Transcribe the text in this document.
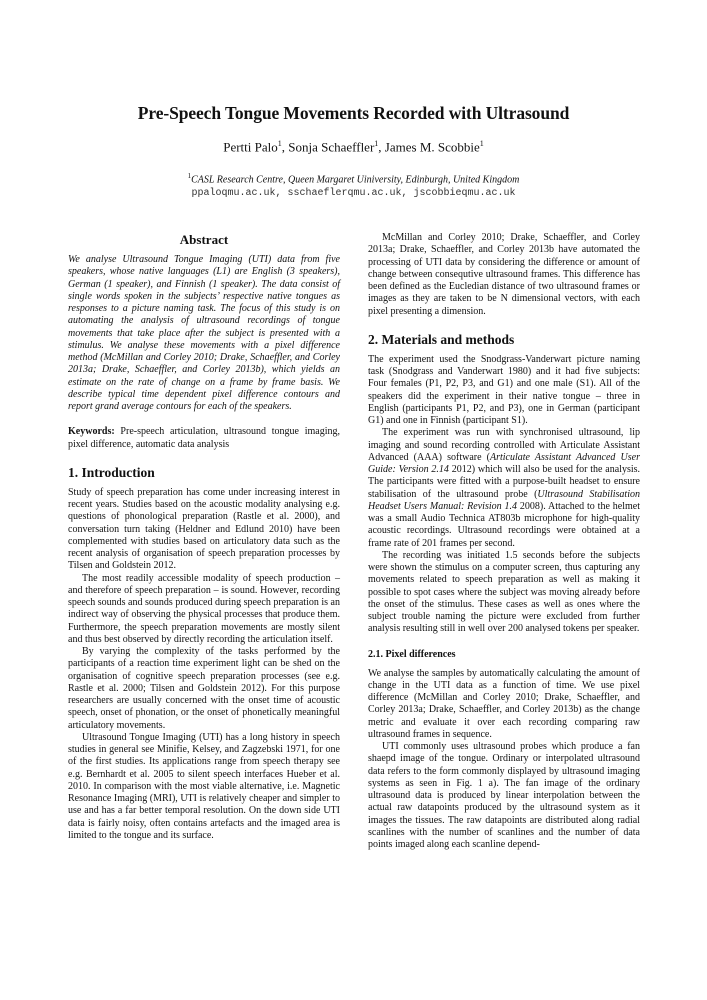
Pre-Speech Tongue Movements Recorded with Ultrasound
Pertti Palo$^1$, Sonja Schaeffler$^1$, James M. Scobbie$^1$
$^1$CASL Research Centre, Queen Margaret Uiniversity, Edinburgh, United Kingdom
ppaloqmu.ac.uk, sschaeflerqmu.ac.uk, jscobbieqmu.ac.uk
Abstract

We analyse Ultrasound Tongue Imaging (UTI) data from five speakers, whose native languages (L1) are English (3 speakers), German (1 speaker), and Finnish (1 speaker). The data consist of single words spoken in the subjects’ respective native tongues as responses to a picture naming task. The focus of this study is on automating the analysis of ultrasound recordings of tongue movements that take place after the subject is presented with a stimulus. We analyse these movements with a pixel difference method (McMillan and Corley 2010; Drake, Schaeffler, and Corley 2013a; Drake, Schaeffler, and Corley 2013b), which yields an estimate on the rate of change on a frame by frame basis. We describe typical time dependent pixel difference contours and report grand average contours for each of the speakers.

Keywords: Pre-speech articulation, ultrasound tongue imaging, pixel difference, automatic data analysis

1. Introduction

Study of speech preparation has come under increasing interest in recent years. Studies based on the acoustic modality analysing e.g. questions of phonological preparation (Rastle et al. 2000), and conversation turn taking (Heldner and Edlund 2010) have been complemented with studies based on articulatory data such as the recent analysis of organisation of speech preparation processes by Tilsen and Goldstein 2012.

The most readily accessible modality of speech production – and therefore of speech preparation – is sound. However, recording speech sounds and sounds produced during speech preparation is an indirect way of observing the physical processes that produce them. Furthermore, the speech preparation movements are mostly silent and thus best observed by directly recording the articulation itself.

By varying the complexity of the tasks performed by the participants of a reaction time experiment light can be shed on the organisation of cognitive speech preparation processes (see e.g. Rastle et al. 2000; Tilsen and Goldstein 2012). For this purpose researchers are usually concerned with the onset time of acoustic speech, onset of phonation, or the onset of phonetically meaningful articulatory movements.

Ultrasound Tongue Imaging (UTI) has a long history in speech studies in general see Minifie, Kelsey, and Zagzebski 1971, for one of the first studies. Its applications range from speech therapy see e.g. Bernhardt et al. 2005 to silent speech interfaces Hueber et al. 2010. In comparison with the most viable alternative, i.e. Magnetic Resonance Imaging (MRI), UTI is relatively cheaper and simpler to use and has a far better temporal resolution. On the down side UTI data is fairly noisy, often contains artefacts and the imaged area is limited to the tongue and its surface.

McMillan and Corley 2010; Drake, Schaeffler, and Corley 2013a; Drake, Schaeffler, and Corley 2013b have automated the processing of UTI data by considering the difference or amount of change between consequtive ultrasound frames. This difference has been defined as the Eucledian distance of two ultrasound frames or images as they are taken to be N dimensional vectors, with each pixel presenting a dimension.

2. Materials and methods

The experiment used the Snodgrass-Vanderwart picture naming task (Snodgrass and Vanderwart 1980) and it had five subjects: Four females (P1, P2, P3, and G1) and one male (S1). All of the speakers did the experiment in their native tongue – three in English (participants P1, P2, and P3), one in German (participant G1) and one in Finnish (participant S1).

The experiment was run with synchronised ultrasound, lip imaging and sound recording controlled with Articulate Assistant Advanced (AAA) software (Articulate Assistant Advanced User Guide: Version 2.14 2012) which will also be used for the analysis. The participants were fitted with a purpose-built headset to ensure stabilisation of the ultrasound probe (Ultrasound Stabilisation Headset Users Manual: Revision 1.4 2008). Attached to the helmet was a small Audio Technica AT803b microphone for high-quality acoustic recordings. Ultrasound recordings were obtained at a frame rate of 201 frames per second.

The recording was initiated 1.5 seconds before the subjects were shown the stimulus on a computer screen, thus capturing any movements related to speech preparation as well as making it possible to spot cases where the subject was moving already before the onset of the stimulus. These cases as well as ones where the subject trouble naming the picture were excluded from further analysis resulting still in well over 200 analysed tokens per speaker.

2.1. Pixel differences

We analyse the samples by automatically calculating the amount of change in the UTI data as a function of time. We use pixel difference (McMillan and Corley 2010; Drake, Schaeffler, and Corley 2013a; Drake, Schaeffler, and Corley 2013b) as the change metric and evaluate it over each recording comparing raw ultrasound frames in sequence.

UTI commonly uses ultrasound probes which produce a fan shaepd image of the tongue. Ordinary or interpolated ultrasound data refers to the form commonly displayed by ultrasound imaging systems as seen in Fig. 1 a). The fan image of the ordinary ultrasound data is produced by linear interpolation between the actual raw datapoints produced by the ultrasound system as it images the tissues. The raw datapoints are distributed along radial scanlines with the number of scanlines and the number of data points imaged along each scanline depend-
